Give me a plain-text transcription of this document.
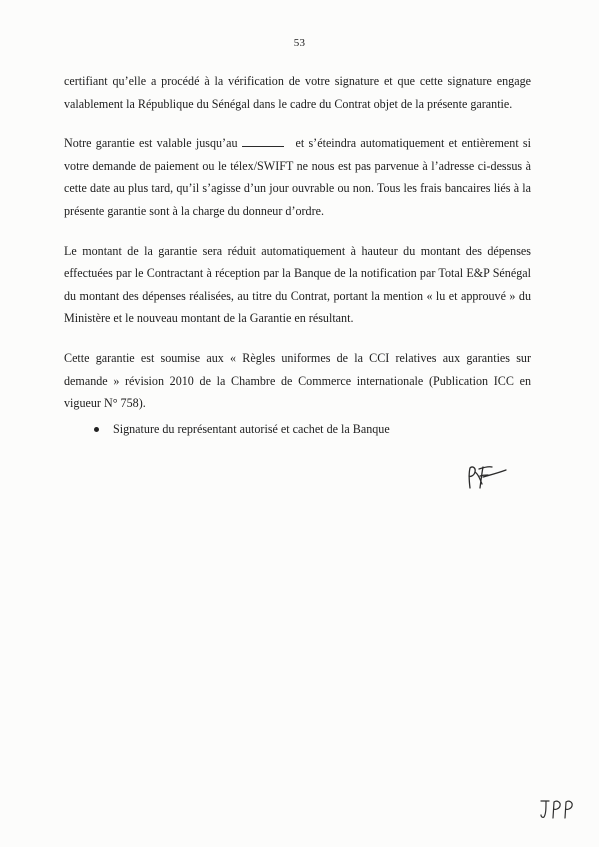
53

certifiant qu’elle a procédé à la vérification de votre signature et que cette signature engage valablement la République du Sénégal dans le cadre du Contrat objet de la présente garantie.

Notre garantie est valable jusqu’au	et s’éteindra automatiquement et entièrement si votre demande de paiement ou le télex/SWIFT ne nous est pas parvenue à l’adresse ci-dessus à cette date au plus tard, qu’il s’agisse d’un jour ouvrable ou non. Tous les frais bancaires liés à la présente garantie sont à la charge du donneur d’ordre.

Le montant de la garantie sera réduit automatiquement à hauteur du montant des dépenses effectuées par le Contractant à réception par la Banque de la notification par Total E&P Sénégal du montant des dépenses réalisées, au titre du Contrat, portant la mention « lu et approuvé » du Ministère et le nouveau montant de la Garantie en résultant.

Cette garantie est soumise aux « Règles uniformes de la CCI relatives aux garanties sur demande » révision 2010 de la Chambre de Commerce internationale (Publication ICC en vigueur N° 758).

Signature du représentant autorisé et cachet de la Banque
